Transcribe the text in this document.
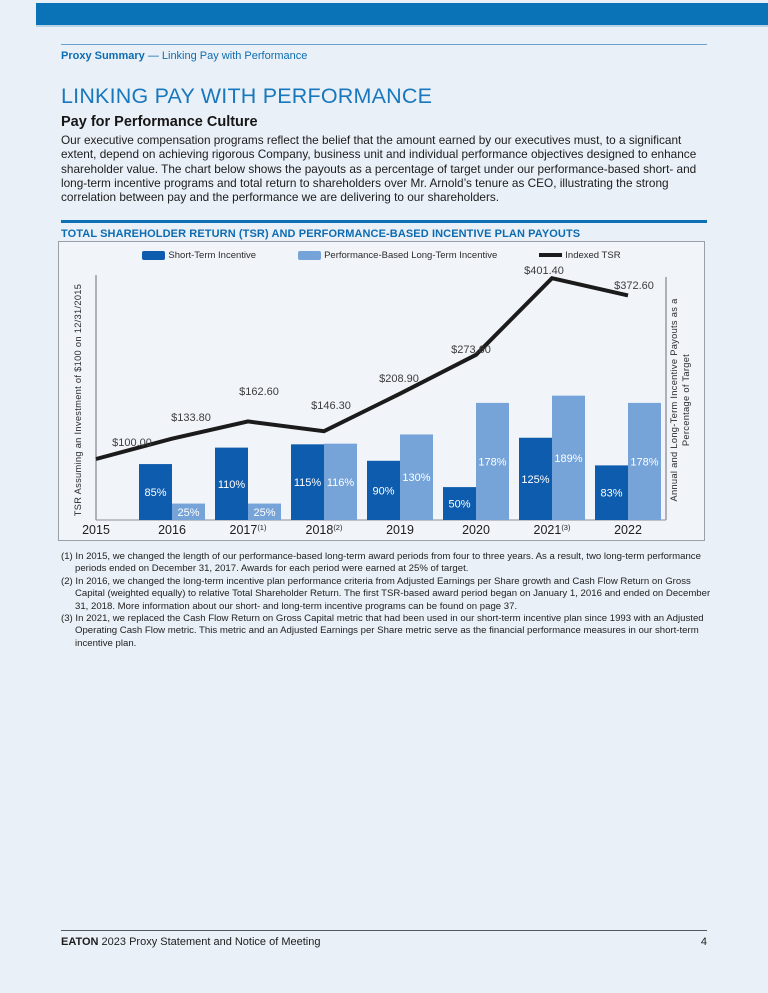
Proxy Summary — Linking Pay with Performance
LINKING PAY WITH PERFORMANCE
Pay for Performance Culture
Our executive compensation programs reflect the belief that the amount earned by our executives must, to a significant extent, depend on achieving rigorous Company, business unit and individual performance objectives designed to enhance shareholder value. The chart below shows the payouts as a percentage of target under our performance-based short- and long-term incentive programs and total return to shareholders over Mr. Arnold’s tenure as CEO, illustrating the strong correlation between pay and the performance we are delivering to our shareholders.
TOTAL SHAREHOLDER RETURN (TSR) AND PERFORMANCE-BASED INCENTIVE PLAN PAYOUTS
Short-Term Incentive	Performance-Based Long-Term Incentive	Indexed TSR
85%
25%
110%
25%
115% 116%
90%
130%
50%
178%
125%
189%
83%
178%
$100.00
$133.80
$162.60
$146.30
$208.90
$273.60
$401.40
$372.60
2015	2016	2017$^{(1)}$	2018$^{(2)}$	2019	2020	2021$^{(3)}$	2022
TSR Assuming an Investment of $100 on 12/31/2015	Annual and Long-Term Incentive Payouts as a Percentage of Target
(1) In 2015, we changed the length of our performance-based long-term award periods from four to three years. As a result, two long-term performance periods ended on December 31, 2017. Awards for each period were earned at 25% of target.
(2) In 2016, we changed the long-term incentive plan performance criteria from Adjusted Earnings per Share growth and Cash Flow Return on Gross Capital (weighted equally) to relative Total Shareholder Return. The first TSR-based award period began on January 1, 2016 and ended on December 31, 2018. More information about our short- and long-term incentive programs can be found on page 37.
(3) In 2021, we replaced the Cash Flow Return on Gross Capital metric that had been used in our short-term incentive plan since 1993 with an Adjusted Operating Cash Flow metric. This metric and an Adjusted Earnings per Share metric serve as the financial performance measures in our short-term incentive plan.
EATON 2023 Proxy Statement and Notice of Meeting	4
